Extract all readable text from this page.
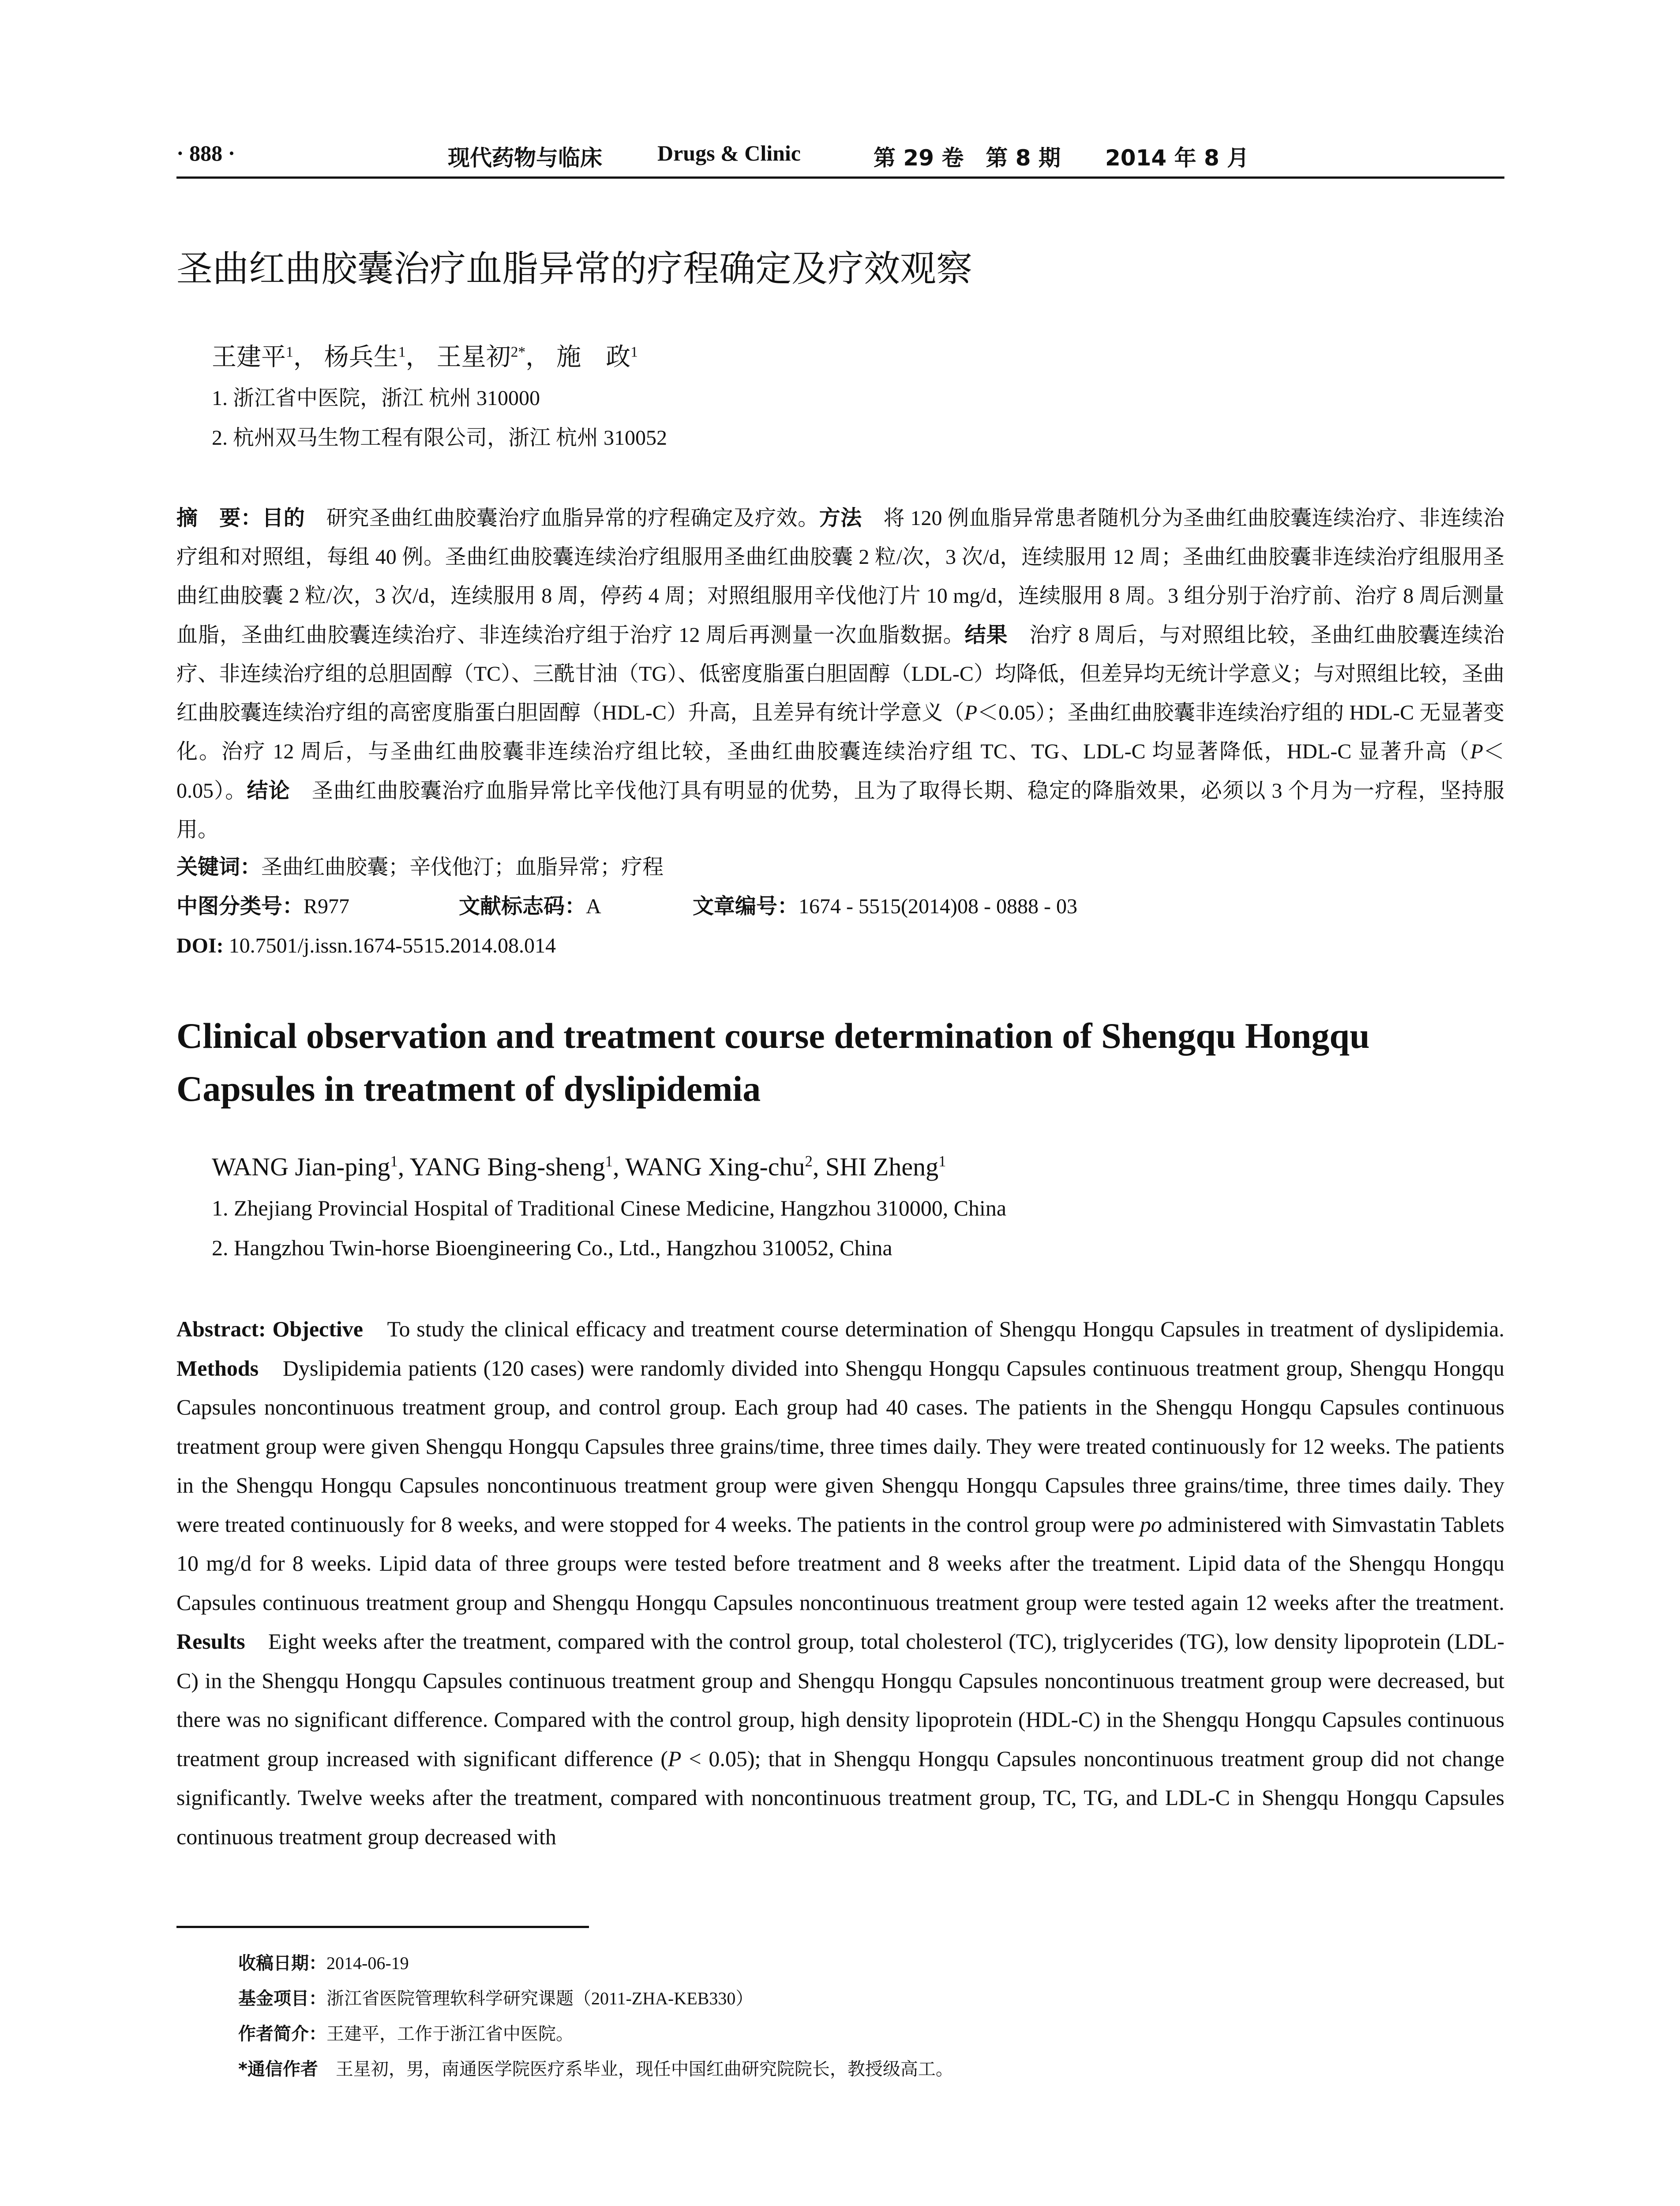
· 888 ·	现代药物与临床	Drugs & Clinic	第 29 卷　第 8 期 2014 年 8 月
圣曲红曲胶囊治疗血脂异常的疗程确定及疗效观察
王建平$^1$， 杨兵生$^1$， 王星初$^{2*}$， 施　政$^1$
1. 浙江省中医院，浙江 杭州 310000
2. 杭州双马生物工程有限公司，浙江 杭州 310052
摘　要：目的　研究圣曲红曲胶囊治疗血脂异常的疗程确定及疗效。方法　将 120 例血脂异常患者随机分为圣曲红曲胶囊连续治疗、非连续治疗组和对照组，每组 40 例。圣曲红曲胶囊连续治疗组服用圣曲红曲胶囊 2 粒/次，3 次/d，连续服用 12 周；圣曲红曲胶囊非连续治疗组服用圣曲红曲胶囊 2 粒/次，3 次/d，连续服用 8 周，停药 4 周；对照组服用辛伐他汀片 10 mg/d，连续服用 8 周。3 组分别于治疗前、治疗 8 周后测量血脂，圣曲红曲胶囊连续治疗、非连续治疗组于治疗 12 周后再测量一次血脂数据。结果　治疗 8 周后，与对照组比较，圣曲红曲胶囊连续治疗、非连续治疗组的总胆固醇（TC）、三酰甘油（TG）、低密度脂蛋白胆固醇（LDL-C）均降低，但差异均无统计学意义；与对照组比较，圣曲红曲胶囊连续治疗组的高密度脂蛋白胆固醇（HDL-C）升高，且差异有统计学意义（P＜0.05）；圣曲红曲胶囊非连续治疗组的 HDL-C 无显著变化。治疗 12 周后，与圣曲红曲胶囊非连续治疗组比较，圣曲红曲胶囊连续治疗组 TC、TG、LDL-C 均显著降低，HDL-C 显著升高（P＜0.05）。结论　圣曲红曲胶囊治疗血脂异常比辛伐他汀具有明显的优势，且为了取得长期、稳定的降脂效果，必须以 3 个月为一疗程，坚持服用。
关键词：圣曲红曲胶囊；辛伐他汀；血脂异常；疗程
中图分类号：R977	文献标志码：A	文章编号：1674 - 5515(2014)08 - 0888 - 03
DOI: 10.7501/j.issn.1674-5515.2014.08.014
Clinical observation and treatment course determination of Shengqu Hongqu Capsules in treatment of dyslipidemia
WANG Jian-ping$^1$, YANG Bing-sheng$^1$, WANG Xing-chu$^2$, SHI Zheng$^1$
1. Zhejiang Provincial Hospital of Traditional Cinese Medicine, Hangzhou 310000, China
2. Hangzhou Twin-horse Bioengineering Co., Ltd., Hangzhou 310052, China
Abstract: Objective　To study the clinical efficacy and treatment course determination of Shengqu Hongqu Capsules in treatment of dyslipidemia. Methods　Dyslipidemia patients (120 cases) were randomly divided into Shengqu Hongqu Capsules continuous treatment group, Shengqu Hongqu Capsules noncontinuous treatment group, and control group. Each group had 40 cases. The patients in the Shengqu Hongqu Capsules continuous treatment group were given Shengqu Hongqu Capsules three grains/time, three times daily. They were treated continuously for 12 weeks. The patients in the Shengqu Hongqu Capsules noncontinuous treatment group were given Shengqu Hongqu Capsules three grains/time, three times daily. They were treated continuously for 8 weeks, and were stopped for 4 weeks. The patients in the control group were po administered with Simvastatin Tablets 10 mg/d for 8 weeks. Lipid data of three groups were tested before treatment and 8 weeks after the treatment. Lipid data of the Shengqu Hongqu Capsules continuous treatment group and Shengqu Hongqu Capsules noncontinuous treatment group were tested again 12 weeks after the treatment. Results　Eight weeks after the treatment, compared with the control group, total cholesterol (TC), triglycerides (TG), low density lipoprotein (LDL-C) in the Shengqu Hongqu Capsules continuous treatment group and Shengqu Hongqu Capsules noncontinuous treatment group were decreased, but there was no significant difference. Compared with the control group, high density lipoprotein (HDL-C) in the Shengqu Hongqu Capsules continuous treatment group increased with significant difference (P < 0.05); that in Shengqu Hongqu Capsules noncontinuous treatment group did not change significantly. Twelve weeks after the treatment, compared with noncontinuous treatment group, TC, TG, and LDL-C in Shengqu Hongqu Capsules continuous treatment group decreased with
收稿日期：2014-06-19
基金项目：浙江省医院管理软科学研究课题（2011-ZHA-KEB330）
作者简介：王建平，工作于浙江省中医院。
*通信作者　王星初，男，南通医学院医疗系毕业，现任中国红曲研究院院长，教授级高工。
